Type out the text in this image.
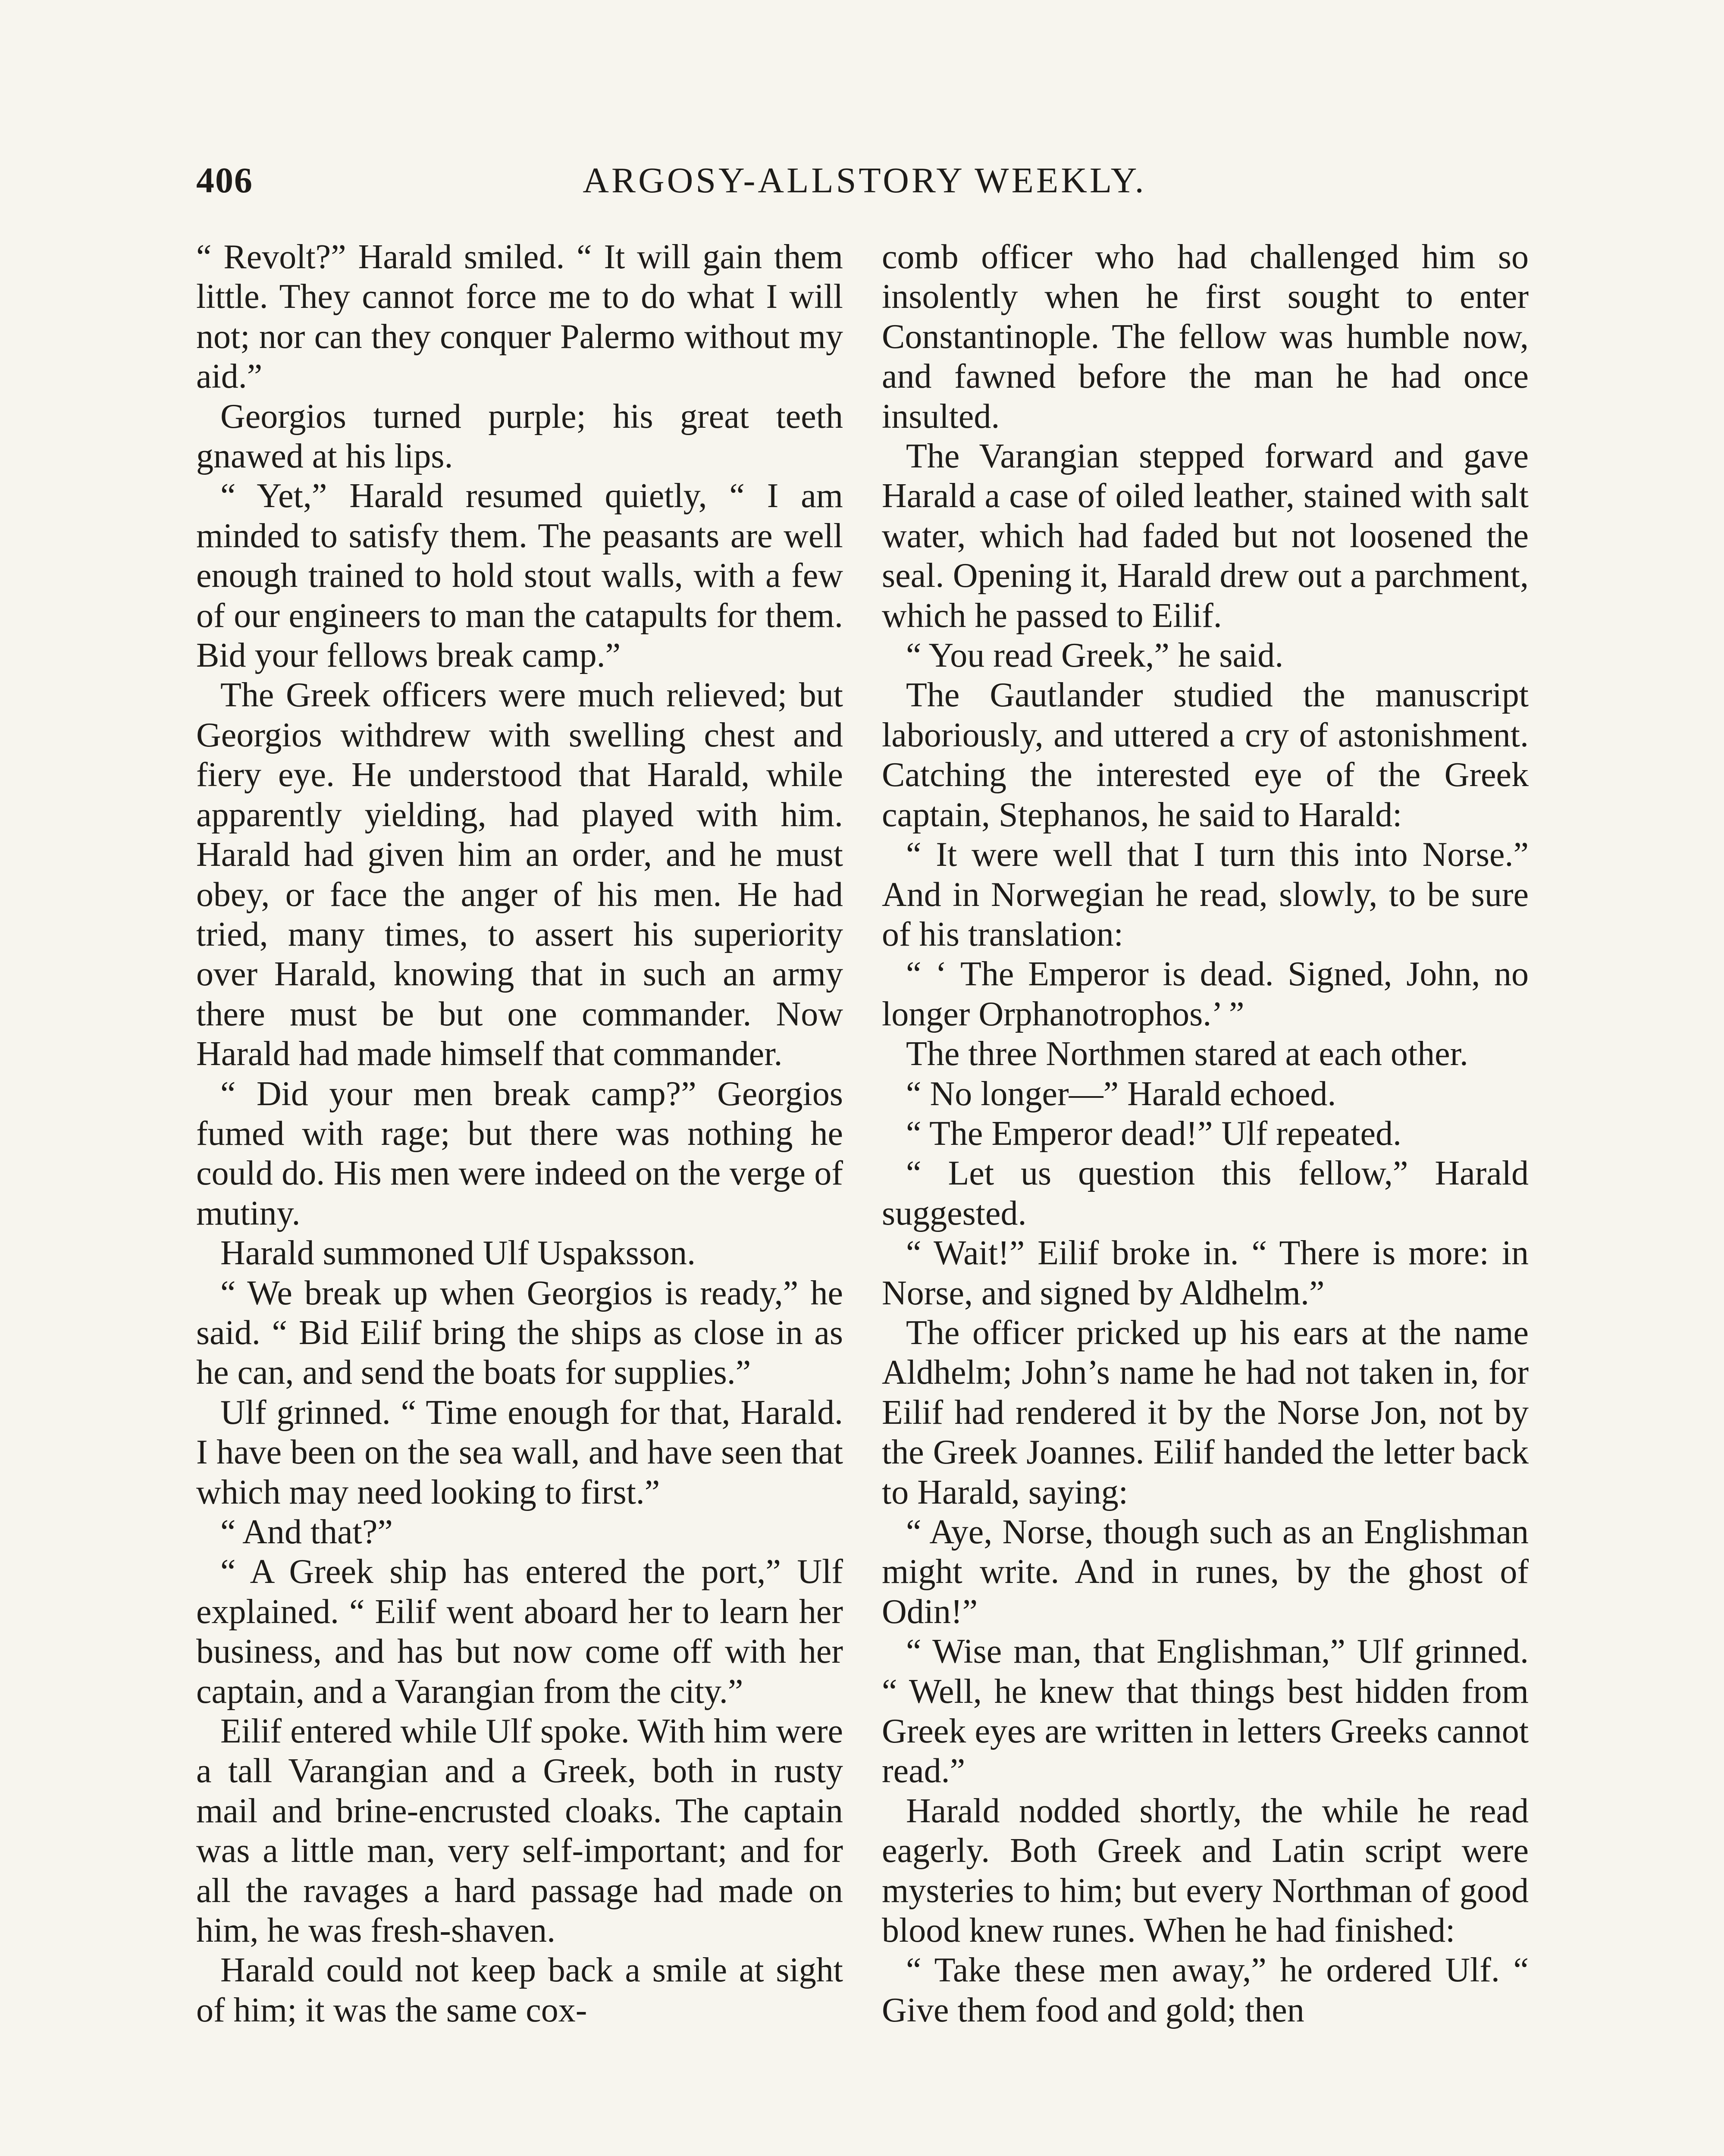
406	ARGOSY-ALLSTORY WEEKLY.

“ Revolt?” Harald smiled. “ It will gain them little. They cannot force me to do what I will not; nor can they conquer Palermo without my aid.”

Georgios turned purple; his great teeth gnawed at his lips.

“ Yet,” Harald resumed quietly, “ I am minded to satisfy them. The peasants are well enough trained to hold stout walls, with a few of our engineers to man the catapults for them. Bid your fellows break camp.”

The Greek officers were much relieved; but Georgios withdrew with swelling chest and fiery eye. He understood that Harald, while apparently yielding, had played with him. Harald had given him an order, and he must obey, or face the anger of his men. He had tried, many times, to assert his superiority over Harald, knowing that in such an army there must be but one commander. Now Harald had made himself that commander.

“ Did your men break camp?” Georgios fumed with rage; but there was nothing he could do. His men were indeed on the verge of mutiny.

Harald summoned Ulf Uspaksson.

“ We break up when Georgios is ready,” he said. “ Bid Eilif bring the ships as close in as he can, and send the boats for supplies.”

Ulf grinned. “ Time enough for that, Harald. I have been on the sea wall, and have seen that which may need looking to first.”

“ And that?”

“ A Greek ship has entered the port,” Ulf explained. “ Eilif went aboard her to learn her business, and has but now come off with her captain, and a Varangian from the city.”

Eilif entered while Ulf spoke. With him were a tall Varangian and a Greek, both in rusty mail and brine-encrusted cloaks. The captain was a little man, very self-important; and for all the ravages a hard passage had made on him, he was fresh-shaven.

Harald could not keep back a smile at sight of him; it was the same cox-

comb officer who had challenged him so insolently when he first sought to enter Constantinople. The fellow was humble now, and fawned before the man he had once insulted.

The Varangian stepped forward and gave Harald a case of oiled leather, stained with salt water, which had faded but not loosened the seal. Opening it, Harald drew out a parchment, which he passed to Eilif.

“ You read Greek,” he said.

The Gautlander studied the manuscript laboriously, and uttered a cry of astonishment. Catching the interested eye of the Greek captain, Stephanos, he said to Harald:

“ It were well that I turn this into Norse.” And in Norwegian he read, slowly, to be sure of his translation:

“ ‘ The Emperor is dead. Signed, John, no longer Orphanotrophos.’ ”

The three Northmen stared at each other.

“ No longer—” Harald echoed.

“ The Emperor dead!” Ulf repeated.

“ Let us question this fellow,” Harald suggested.

“ Wait!” Eilif broke in. “ There is more: in Norse, and signed by Aldhelm.”

The officer pricked up his ears at the name Aldhelm; John’s name he had not taken in, for Eilif had rendered it by the Norse Jon, not by the Greek Joannes. Eilif handed the letter back to Harald, saying:

“ Aye, Norse, though such as an Englishman might write. And in runes, by the ghost of Odin!”

“ Wise man, that Englishman,” Ulf grinned. “ Well, he knew that things best hidden from Greek eyes are written in letters Greeks cannot read.”

Harald nodded shortly, the while he read eagerly. Both Greek and Latin script were mysteries to him; but every Northman of good blood knew runes. When he had finished:

“ Take these men away,” he ordered Ulf. “ Give them food and gold; then
